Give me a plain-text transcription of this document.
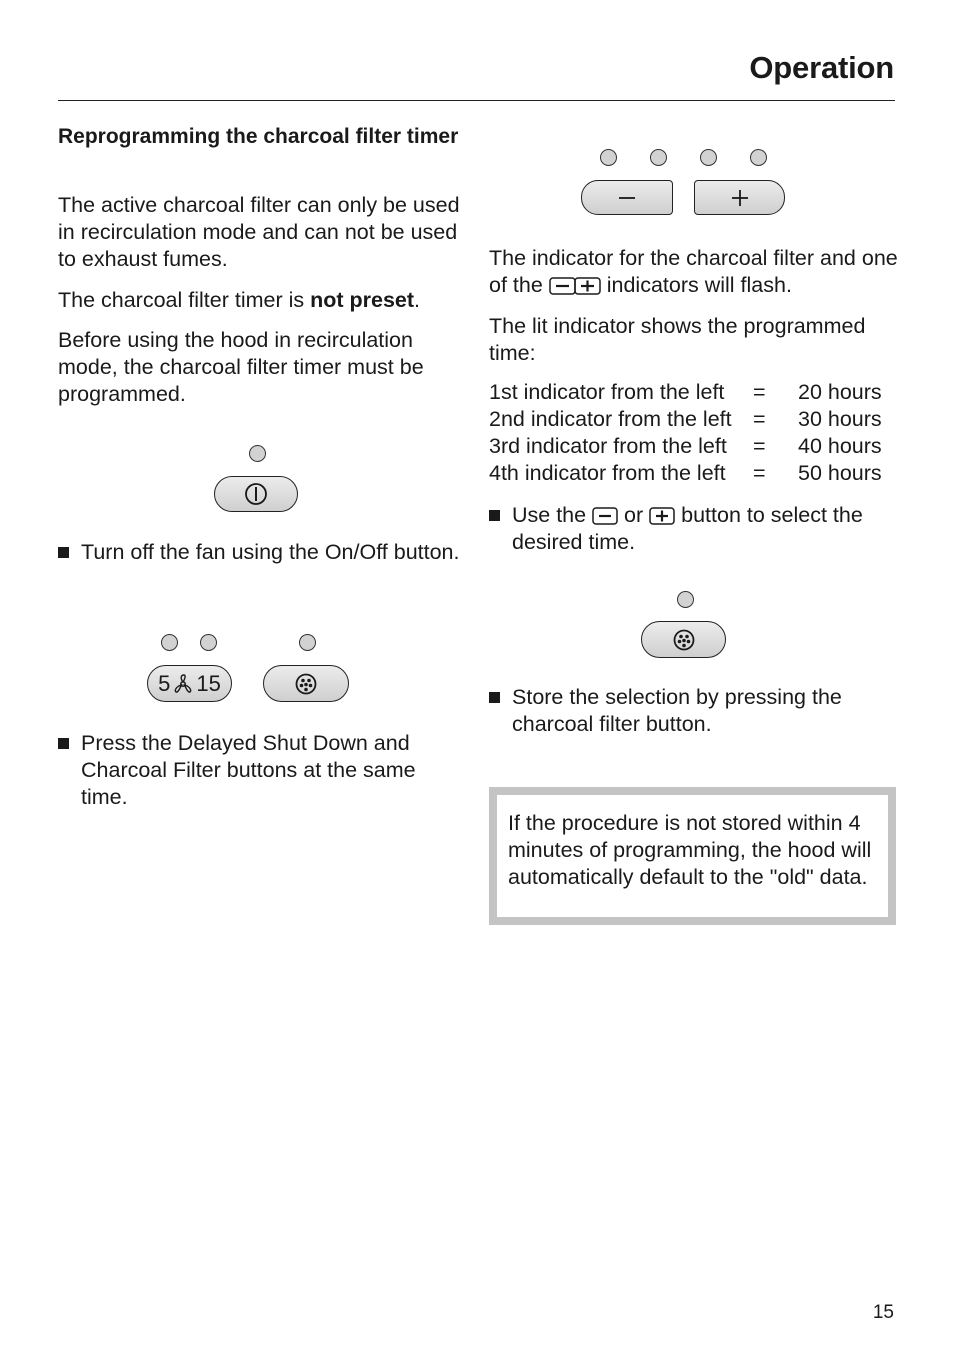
Operation
Reprogramming the charcoal filter timer
The active charcoal filter can only be used in recirculation mode and can not be used to exhaust fumes.
The charcoal filter timer is not preset.
Before using the hood in recirculation mode, the charcoal filter timer must be programmed.
Turn off the fan using the On/Off button.
5 15
Press the Delayed Shut Down and Charcoal Filter buttons at the same time.
The indicator for the charcoal filter and one of the  indicators will flash.
The lit indicator shows the programmed time:
1st indicator from the left	=	20 hours
2nd indicator from the left	=	30 hours
3rd indicator from the left	=	40 hours
4th indicator from the left	=	50 hours
Use the  or  button to select the desired time.
Store the selection by pressing the charcoal filter button.
If the procedure is not stored within 4 minutes of programming, the hood will automatically default to the "old" data.
15
